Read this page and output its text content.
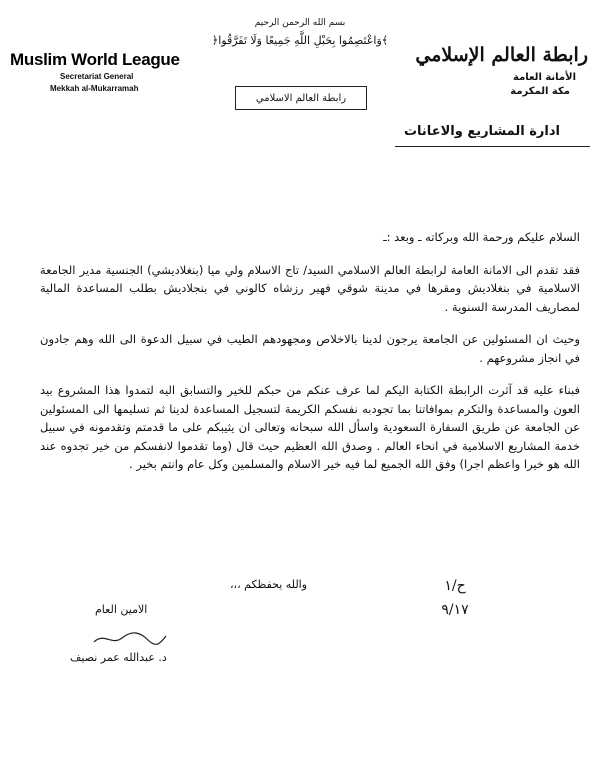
Muslim World League
Secretariat General
Mekkah al-Mukarramah
بسم الله الرحمن الرحيم
﴿وَاعْتَصِمُوا بِحَبْلِ اللَّهِ جَمِيعًا وَلَا تَفَرَّقُوا﴾
رابطة العالم الاسلامي
رابطة العالم الإسلامي
الأمانة العامة
مكة المكرمة
ادارة المشاريع والاعانات

السلام عليكم ورحمة الله وبركاته ـ وبعد :ـ

فقد تقدم الى الامانة العامة لرابطة العالم الاسلامي السيد/ تاج الاسلام ولي ميا (بنغلاديشي) الجنسية مدير الجامعة الاسلامية في بنغلاديش ومقرها في مدينة شوقي فهير رزشاه كالوني في بنجلاديش بطلب المساعدة المالية لمصاريف المدرسة السنوية .

وحيث ان المسئولين عن الجامعة يرجون لدينا بالاخلاص ومجهودهم الطيب في سبيل الدعوة الى الله وهم جادون في انجاز مشروعهم .

فبناء عليه قد آثرت الرابطة الكتابة اليكم لما عرف عنكم من حبكم للخير والتسابق اليه لتمدوا هذا المشروع بيد العون والمساعدة والتكرم بموافاتنا بما تجودبه نفسكم الكريمة لتسجيل المساعدة لدينا ثم تسليمها الى المسئولين عن الجامعة عن طريق السفارة السعودية واسأل الله سبحانه وتعالى ان يثيبكم على ما قدمتم وتقدمونه في سبيل خدمة المشاريع الاسلامية في انحاء العالم . وصدق الله العظيم حيث قال (وما تقدموا لانفسكم من خير تجدوه عند الله هو خيرا واعظم اجرا) وفق الله الجميع لما فيه خير الاسلام والمسلمين وكل عام وانتم بخير .

والله يحفظكم ،،،	ح/١
٩/١٧
الامين العام
د. عبدالله عمر نصيف
